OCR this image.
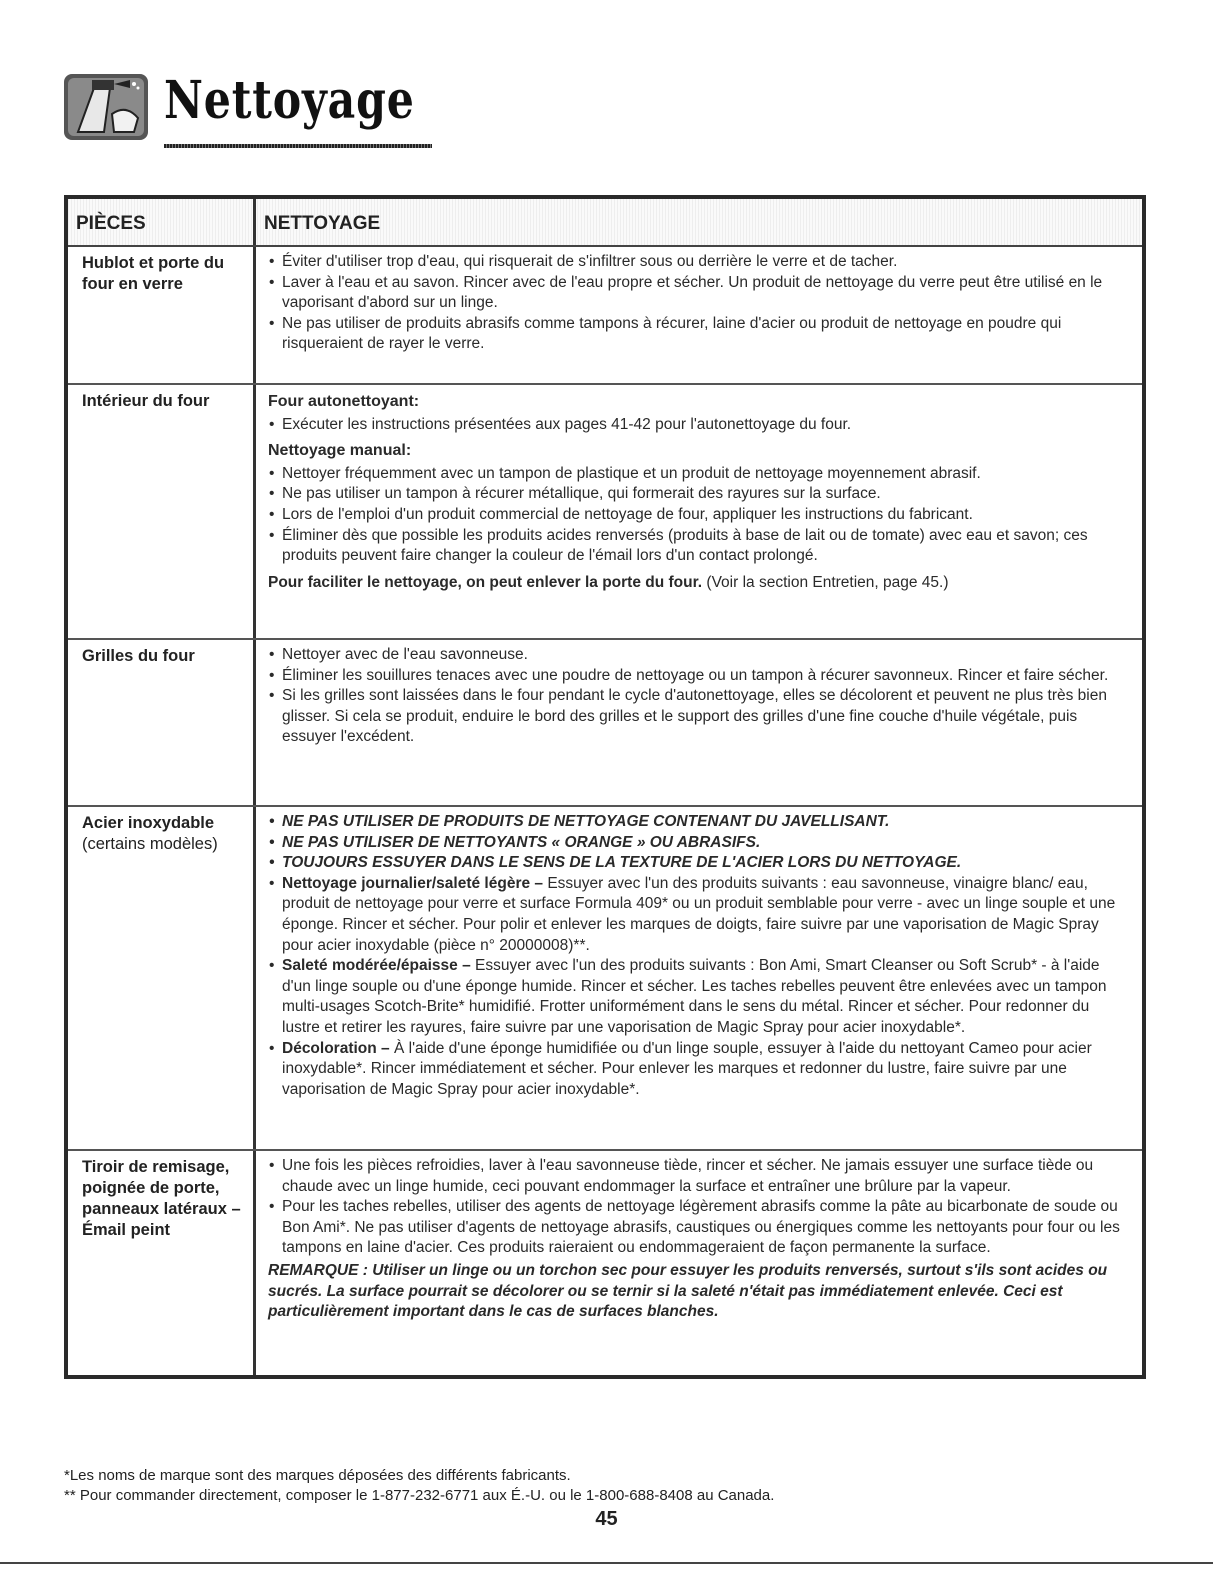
Nettoyage
PIÈCES	NETTOYAGE
Hublot et porte du four en verre
• Éviter d'utiliser trop d'eau, qui risquerait de s'infiltrer sous ou derrière le verre et de tacher.
• Laver à l'eau et au savon. Rincer avec de l'eau propre et sécher. Un produit de nettoyage du verre peut être utilisé en le vaporisant d'abord sur un linge.
• Ne pas utiliser de produits abrasifs comme tampons à récurer, laine d'acier ou produit de nettoyage en poudre qui risqueraient de rayer le verre.
Intérieur du four	Four autonettoyant:
• Exécuter les instructions présentées aux pages 41-42 pour l'autonettoyage du four.
Nettoyage manual:
• Nettoyer fréquemment avec un tampon de plastique et un produit de nettoyage moyennement abrasif.
• Ne pas utiliser un tampon à récurer métallique, qui formerait des rayures sur la surface.
• Lors de l'emploi d'un produit commercial de nettoyage de four, appliquer les instructions du fabricant.
• Éliminer dès que possible les produits acides renversés (produits à base de lait ou de tomate) avec eau et savon; ces produits peuvent faire changer la couleur de l'émail lors d'un contact prolongé.
Pour faciliter le nettoyage, on peut enlever la porte du four. (Voir la section Entretien, page 45.)
Grilles du four
•	Nettoyer avec de l'eau savonneuse.
• Éliminer les souillures tenaces avec une poudre de nettoyage ou un tampon à récurer savonneux. Rincer et faire sécher.
• Si les grilles sont laissées dans le four pendant le cycle d'autonettoyage, elles se décolorent et peuvent ne plus très bien glisser. Si cela se produit, enduire le bord des grilles et le support des grilles d'une fine couche d'huile végétale, puis essuyer l'excédent.
Acier inoxydable
(certains modèles)
• NE PAS UTILISER DE PRODUITS DE NETTOYAGE CONTENANT DU JAVELLISANT.
• NE PAS UTILISER DE NETTOYANTS « ORANGE » OU ABRASIFS.
• TOUJOURS ESSUYER DANS LE SENS DE LA TEXTURE DE L'ACIER LORS DU NETTOYAGE.
• Nettoyage journalier/saleté légère – Essuyer avec l'un des produits suivants : eau savonneuse, vinaigre blanc/ eau, produit de nettoyage pour verre et surface Formula 409* ou un produit semblable pour verre - avec un linge souple et une éponge. Rincer et sécher. Pour polir et enlever les marques de doigts, faire suivre par une vaporisation de Magic Spray pour acier inoxydable (pièce n° 20000008)**.
• Saleté modérée/épaisse – Essuyer avec l'un des produits suivants : Bon Ami, Smart Cleanser ou Soft Scrub* - à l'aide d'un linge souple ou d'une éponge humide. Rincer et sécher. Les taches rebelles peuvent être enlevées avec un tampon multi-usages Scotch-Brite* humidifié. Frotter uniformément dans le sens du métal. Rincer et sécher. Pour redonner du lustre et retirer les rayures, faire suivre par une vaporisation de Magic Spray pour acier inoxydable*.
• Décoloration – À l'aide d'une éponge humidifiée ou d'un linge souple, essuyer à l'aide du nettoyant Cameo pour acier inoxydable*. Rincer immédiatement et sécher. Pour enlever les marques et redonner du lustre, faire suivre par une vaporisation de Magic Spray pour acier inoxydable*.
Tiroir de remisage, poignée de porte, panneaux latéraux – Émail peint
• Une fois les pièces refroidies, laver à l'eau savonneuse tiède, rincer et sécher. Ne jamais essuyer une surface tiède ou chaude avec un linge humide, ceci pouvant endommager la surface et entraîner une brûlure par la vapeur.
• Pour les taches rebelles, utiliser des agents de nettoyage légèrement abrasifs comme la pâte au bicarbonate de soude ou Bon Ami*. Ne pas utiliser d'agents de nettoyage abrasifs, caustiques ou énergiques comme les nettoyants pour four ou les tampons en laine d'acier. Ces produits raieraient ou endommageraient de façon permanente la surface.
REMARQUE : Utiliser un linge ou un torchon sec pour essuyer les produits renversés, surtout s'ils sont acides ou sucrés. La surface pourrait se décolorer ou se ternir si la saleté n'était pas immédiatement enlevée. Ceci est particulièrement important dans le cas de surfaces blanches.
*Les noms de marque sont des marques déposées des différents fabricants.
** Pour commander directement, composer le 1-877-232-6771 aux É.-U. ou le 1-800-688-8408 au Canada.
45
